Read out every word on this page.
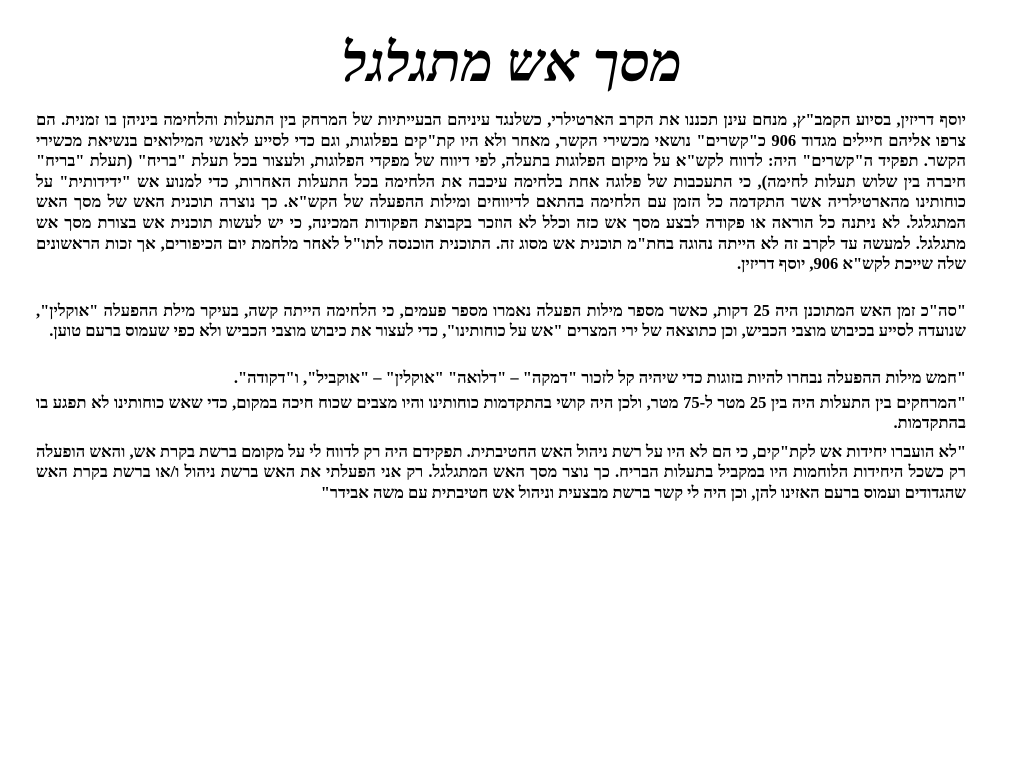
מסך אש מתגלגל

יוסף דריזין, בסיוע הקמב"ץ, מנחם עינן תכננו את הקרב הארטילרי, כשלנגד עיניהם הבעייתיות של המרחק בין התעלות והלחימה ביניהן בו זמנית. הם צרפו אליהם חיילים מגדוד 906 כ"קשרים" נושאי מכשירי הקשר, מאחר ולא היו קת"קים בפלוגות, וגם כדי לסייע לאנשי המילואים בנשיאת מכשירי הקשר. תפקיד ה"קשרים" היה: לדווח לקש"א על מיקום הפלוגות בתעלה, לפי דיווח של מפקדי הפלוגות, ולעצור בכל תעלת "בריח" (תעלת "בריח" חיברה בין שלוש תעלות לחימה), כי התעכבות של פלוגה אחת בלחימה עיכבה את הלחימה בכל התעלות האחרות, כדי למנוע אש "ידידותית" על כוחותינו מהארטילריה אשר התקדמה כל הזמן עם הלחימה בהתאם לדיווחים ומילות ההפעלה של הקש"א. כך נוצרה תוכנית האש של מסך האש המתגלגל. לא ניתנה כל הוראה או פקודה לבצע מסך אש כזה וכלל לא הוזכר בקבוצת הפקודות המכינה, כי יש לעשות תוכנית אש בצורת מסך אש מתגלגל. למעשה עד לקרב זה לא הייתה נהוגה בחת"מ תוכנית אש מסוג זה. התוכנית הוכנסה לתו"ל לאחר מלחמת יום הכיפורים, אך זכות הראשונים שלה שייכת לקש"א 906, יוסף דריזין.

"סה"כ זמן האש המתוכנן היה 25 דקות, כאשר מספר מילות הפעלה נאמרו מספר פעמים, כי הלחימה הייתה קשה, בעיקר מילת ההפעלה "אוקלין", שנועדה לסייע בכיבוש מוצבי הכביש, וכן כתוצאה של ירי המצרים "אש על כוחותינו", כדי לעצור את כיבוש מוצבי הכביש ולא כפי שעמוס ברעם טוען.

"חמש מילות ההפעלה נבחרו להיות בזוגות כדי שיהיה קל לזכור "דמקה" – "דלואה" "אוקלין" – "אוקביל", ו"דקודה".

"המרחקים בין התעלות היה בין 25 מטר ל-75 מטר, ולכן היה קושי בהתקדמות כוחותינו והיו מצבים שכוח חיכה במקום, כדי שאש כוחותינו לא תפגע בו בהתקדמות.

"לא הועברו יחידות אש לקת"קים, כי הם לא היו על רשת ניהול האש החטיבתית. תפקידם היה רק לדווח לי על מקומם ברשת בקרת אש, והאש הופעלה רק כשכל היחידות הלוחמות היו במקביל בתעלות הבריח. כך נוצר מסך האש המתגלגל. רק אני הפעלתי את האש ברשת ניהול ו/או ברשת בקרת האש שהגדודים ועמוס ברעם האזינו להן, וכן היה לי קשר ברשת מבצעית וניהול אש חטיבתית עם משה אבידר"
